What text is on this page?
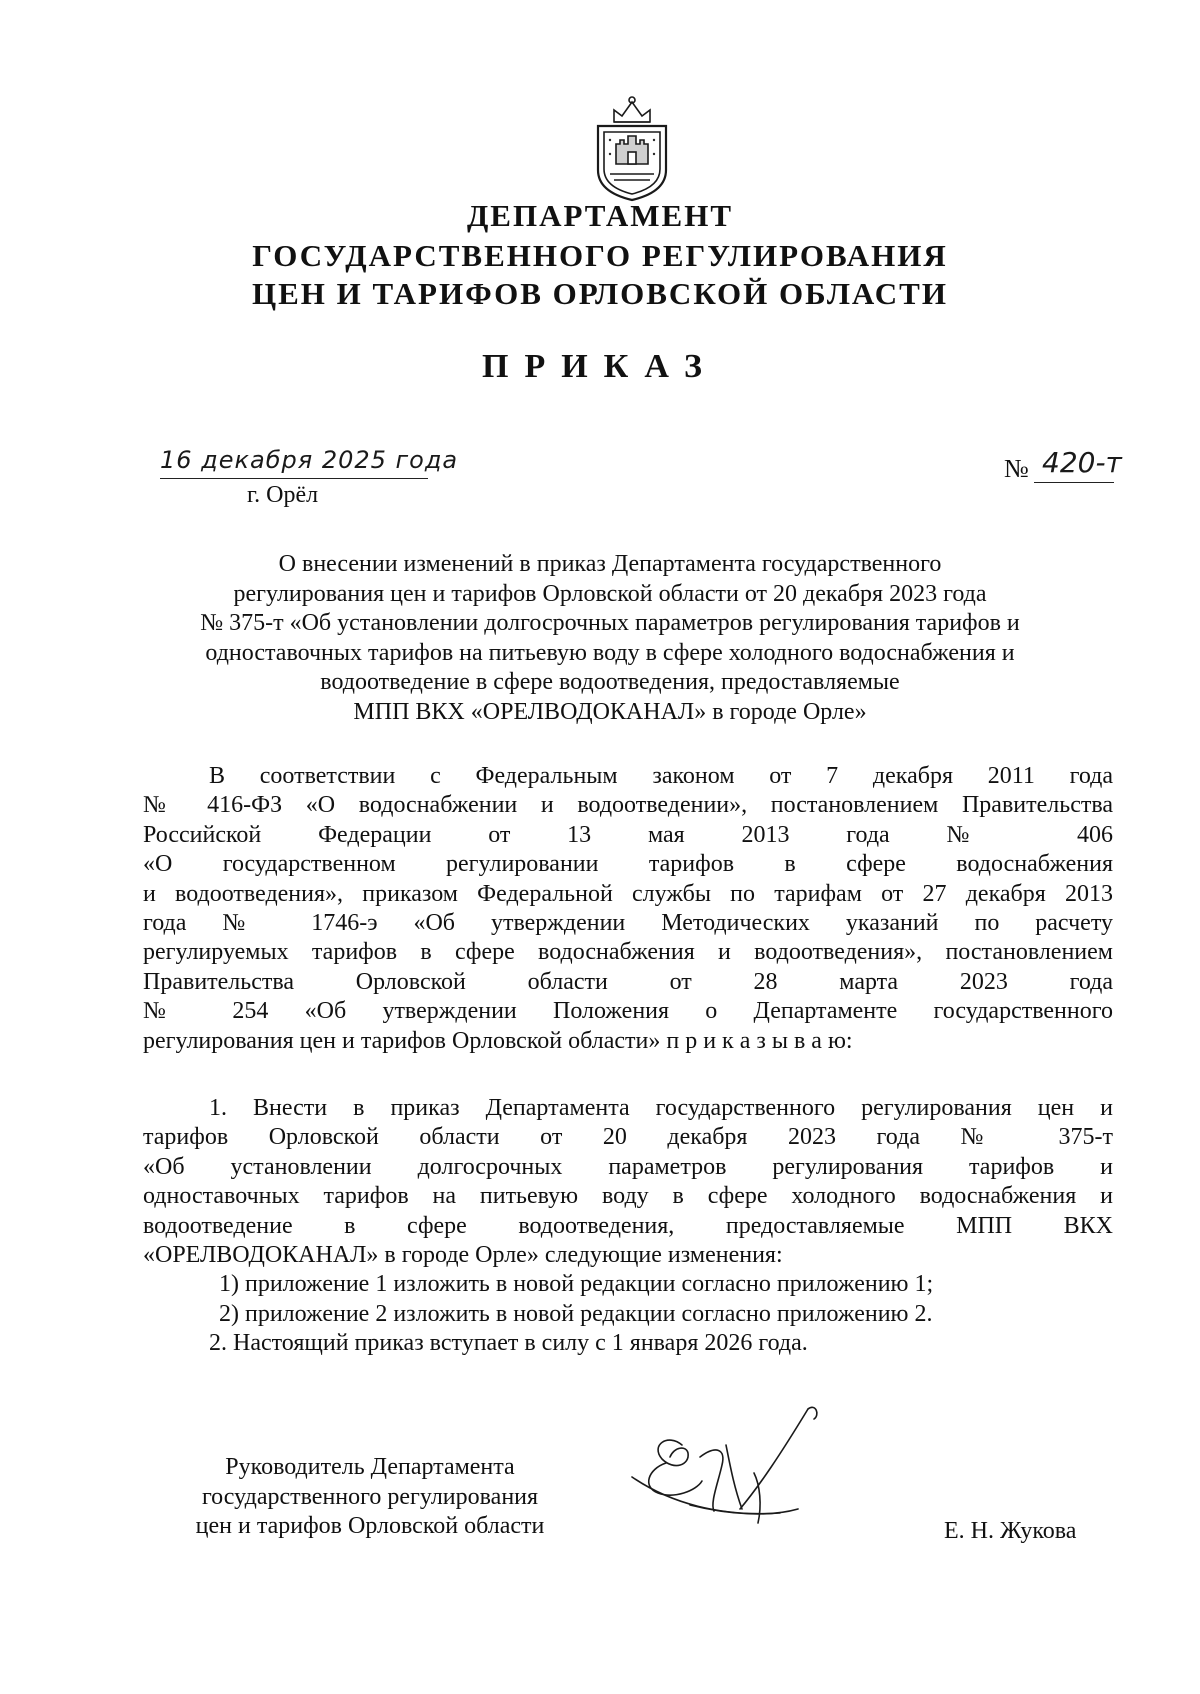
ДЕПАРТАМЕНТ
ГОСУДАРСТВЕННОГО РЕГУЛИРОВАНИЯ
ЦЕН И ТАРИФОВ ОРЛОВСКОЙ ОБЛАСТИ
ПРИКАЗ
16 декабря 2025 года
г. Орёл
№ 420-т
О внесении изменений в приказ Департамента государственного
регулирования цен и тарифов Орловской области от 20 декабря 2023 года
№ 375-т «Об установлении долгосрочных параметров регулирования тарифов и
одноставочных тарифов на питьевую воду в сфере холодного водоснабжения и
водоотведение в сфере водоотведения, предоставляемые
МПП ВКХ «ОРЕЛВОДОКАНАЛ» в городе Орле»
В соответствии с Федеральным законом от 7 декабря 2011 года
№ 416-ФЗ «О водоснабжении и водоотведении», постановлением Правительства
Российской Федерации от 13 мая 2013 года № 406
«О государственном регулировании тарифов в сфере водоснабжения
и водоотведения», приказом Федеральной службы по тарифам от 27 декабря 2013
года № 1746-э «Об утверждении Методических указаний по расчету
регулируемых тарифов в сфере водоснабжения и водоотведения», постановлением
Правительства Орловской области от 28 марта 2023 года
№ 254 «Об утверждении Положения о Департаменте государственного
регулирования цен и тарифов Орловской области» п р и к а з ы в а ю:
1. Внести в приказ Департамента государственного регулирования цен и
тарифов Орловской области от 20 декабря 2023 года № 375-т
«Об установлении долгосрочных параметров регулирования тарифов и
одноставочных тарифов на питьевую воду в сфере холодного водоснабжения и
водоотведение в сфере водоотведения, предоставляемые МПП ВКХ
«ОРЕЛВОДОКАНАЛ» в городе Орле» следующие изменения:
1) приложение 1 изложить в новой редакции согласно приложению 1;
2) приложение 2 изложить в новой редакции согласно приложению 2.
2. Настоящий приказ вступает в силу с 1 января 2026 года.
Руководитель Департамента
государственного регулирования
цен и тарифов Орловской области	Е. Н. Жукова
